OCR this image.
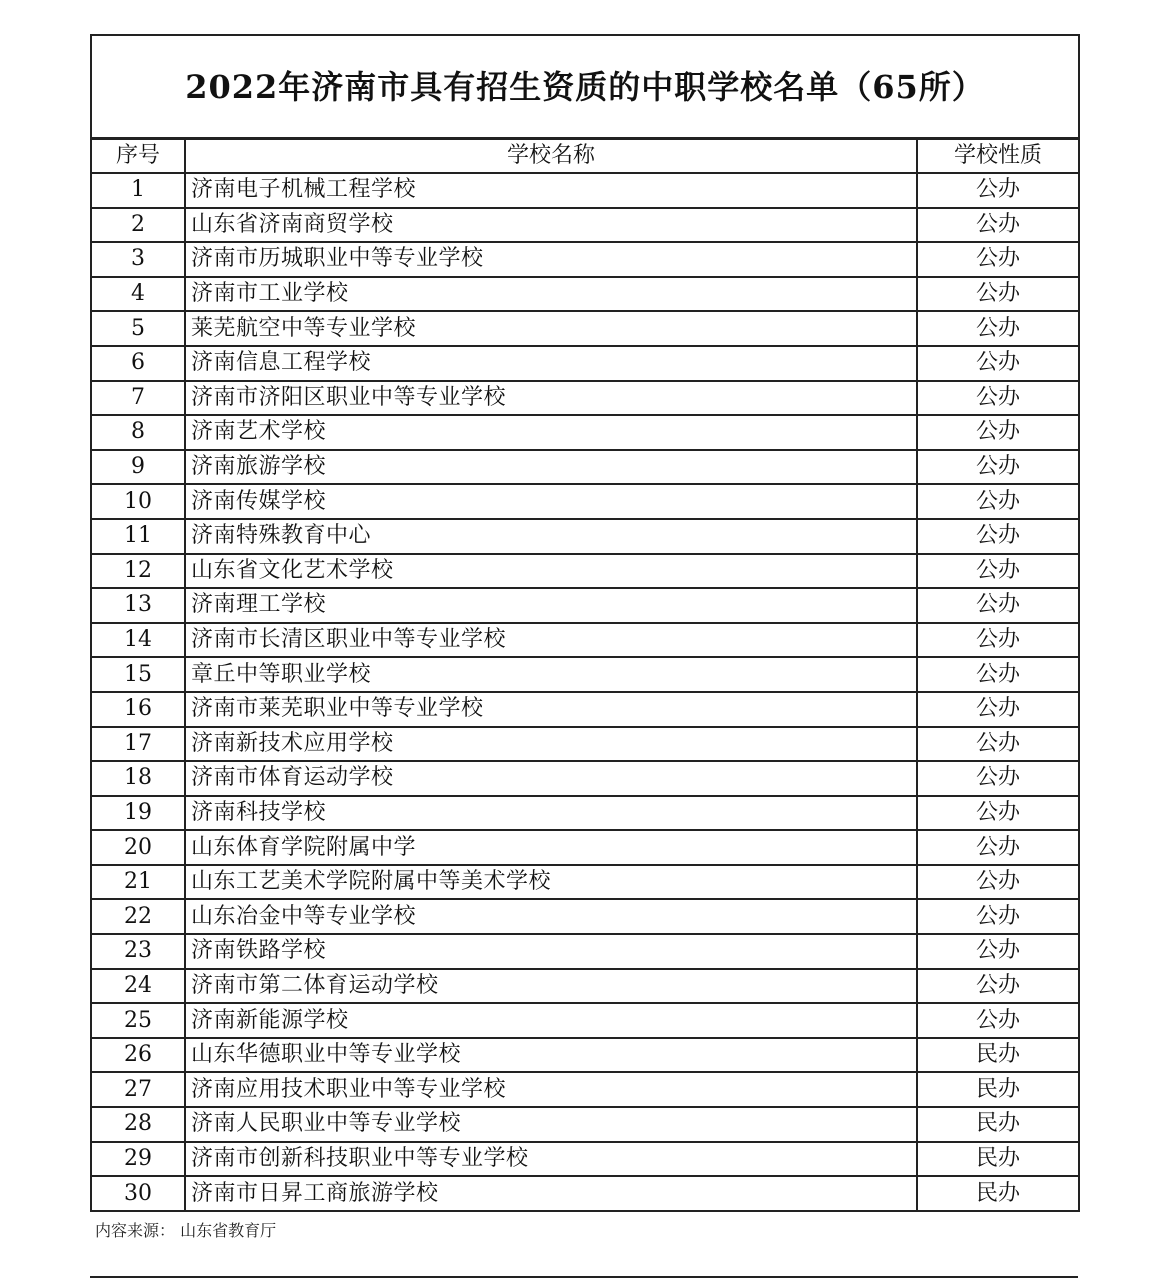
2022年济南市具有招生资质的中职学校名单（65所）		
序号	学校名称	学校性质
1	济南电子机械工程学校	公办
2	山东省济南商贸学校	公办
3	济南市历城职业中等专业学校	公办
4	济南市工业学校	公办
5	莱芜航空中等专业学校	公办
6	济南信息工程学校	公办
7	济南市济阳区职业中等专业学校	公办
8	济南艺术学校	公办
9	济南旅游学校	公办
10	济南传媒学校	公办
11	济南特殊教育中心	公办
12	山东省文化艺术学校	公办
13	济南理工学校	公办
14	济南市长清区职业中等专业学校	公办
15	章丘中等职业学校	公办
16	济南市莱芜职业中等专业学校	公办
17	济南新技术应用学校	公办
18	济南市体育运动学校	公办
19	济南科技学校	公办
20	山东体育学院附属中学	公办
21	山东工艺美术学院附属中等美术学校	公办
22	山东冶金中等专业学校	公办
23	济南铁路学校	公办
24	济南市第二体育运动学校	公办
25	济南新能源学校	公办
26	山东华德职业中等专业学校	民办
27	济南应用技术职业中等专业学校	民办
28	济南人民职业中等专业学校	民办
29	济南市创新科技职业中等专业学校	民办
30	济南市日昇工商旅游学校	民办
内容来源： 山东省教育厅
